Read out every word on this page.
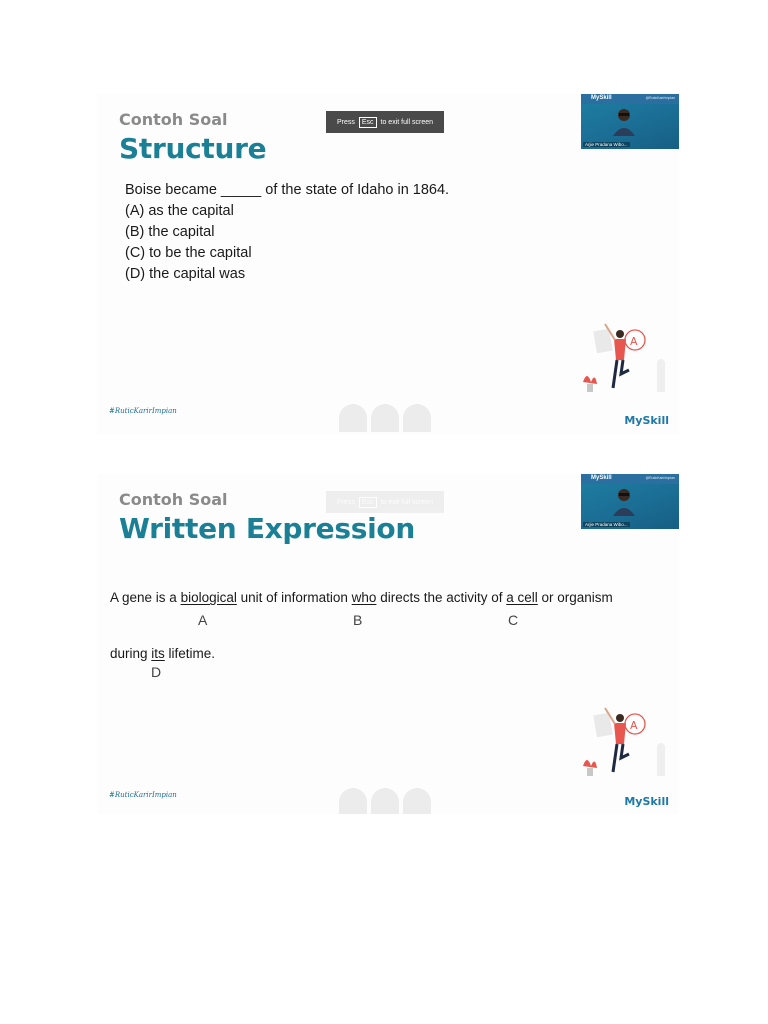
Contoh Soal
Structure
Press	Esc	to exit full screen
Boise became _____ of the state of Idaho in 1864.
(A) as the capital
(B) the capital
(C) to be the capital
(D) the capital was
MySkill	@RuticKarirImpian
Arjie Pradana Wibo...
A
#RuticKarirImpian
MySkill
Contoh Soal
Written Expression
Press	Esc	to exit full screen
A gene is a biological unit of information who directs the activity of a cell or organism
A	B	C
during its lifetime.
D
MySkill	@RuticKarirImpian
Arjie Pradana Wibo...
A
#RuticKarirImpian	MySkill
